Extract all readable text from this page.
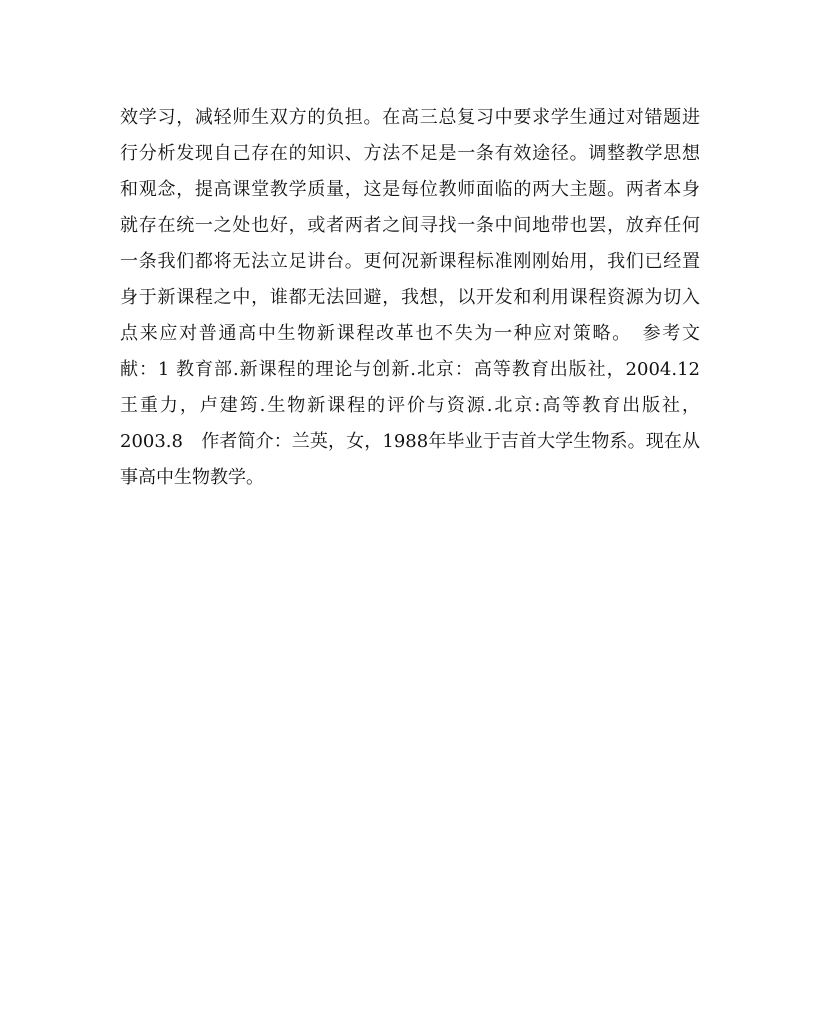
效学习，减轻师生双方的负担。在高三总复习中要求学生通过对错题进
行分析发现自己存在的知识、方法不足是一条有效途径。调整教学思想
和观念，提高课堂教学质量，这是每位教师面临的两大主题。两者本身
就存在统一之处也好，或者两者之间寻找一条中间地带也罢，放弃任何
一条我们都将无法立足讲台。更何况新课程标准刚刚始用，我们已经置
身于新课程之中，谁都无法回避，我想，以开发和利用课程资源为切入
点来应对普通高中生物新课程改革也不失为一种应对策略。　参考文
献：1 教育部.新课程的理论与创新.北京：高等教育出版社，2004.12
王重力，卢建筠.生物新课程的评价与资源.北京:高等教育出版社，
2003.8　作者简介：兰英，女，1988年毕业于吉首大学生物系。现在从
事高中生物教学。
